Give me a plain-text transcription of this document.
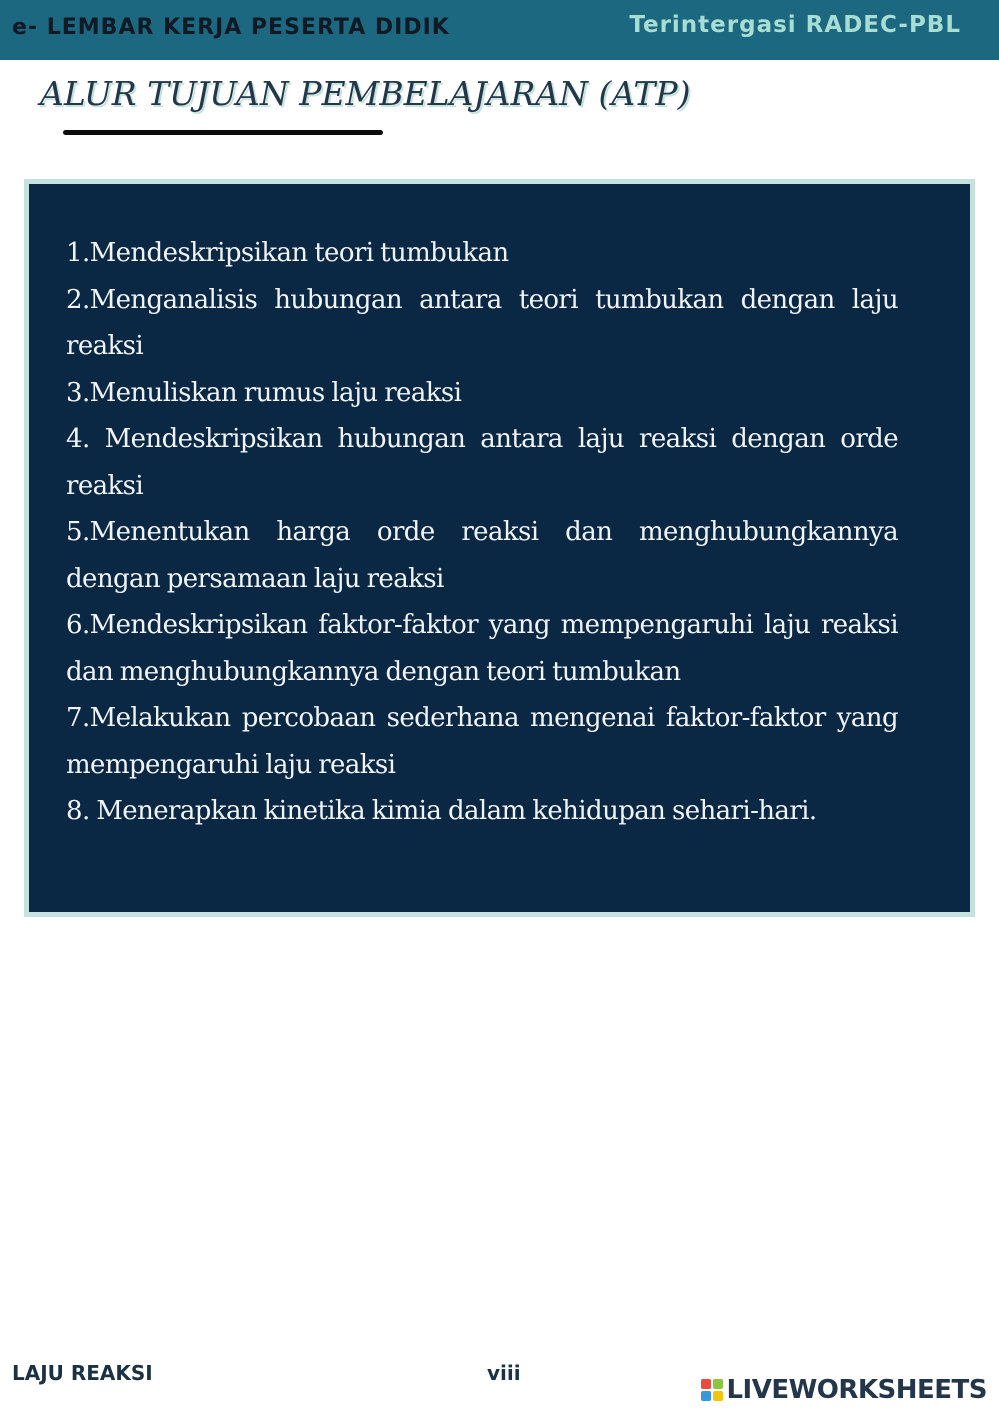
e- LEMBAR KERJA PESERTA DIDIK	Terintergasi RADEC-PBL
ALUR TUJUAN PEMBELAJARAN (ATP)
1.Mendeskripsikan teori tumbukan
2.Menganalisis hubungan antara teori tumbukan dengan laju reaksi
3.Menuliskan rumus laju reaksi
4. Mendeskripsikan hubungan antara laju reaksi dengan orde reaksi
5.Menentukan harga orde reaksi dan menghubungkannya dengan persamaan laju reaksi
6.Mendeskripsikan faktor-faktor yang mempengaruhi laju reaksi dan menghubungkannya dengan teori tumbukan
7.Melakukan percobaan sederhana mengenai faktor-faktor yang mempengaruhi laju reaksi
8. Menerapkan kinetika kimia dalam kehidupan sehari-hari.
LAJU REAKSI	viii
LIVEWORKSHEETS
